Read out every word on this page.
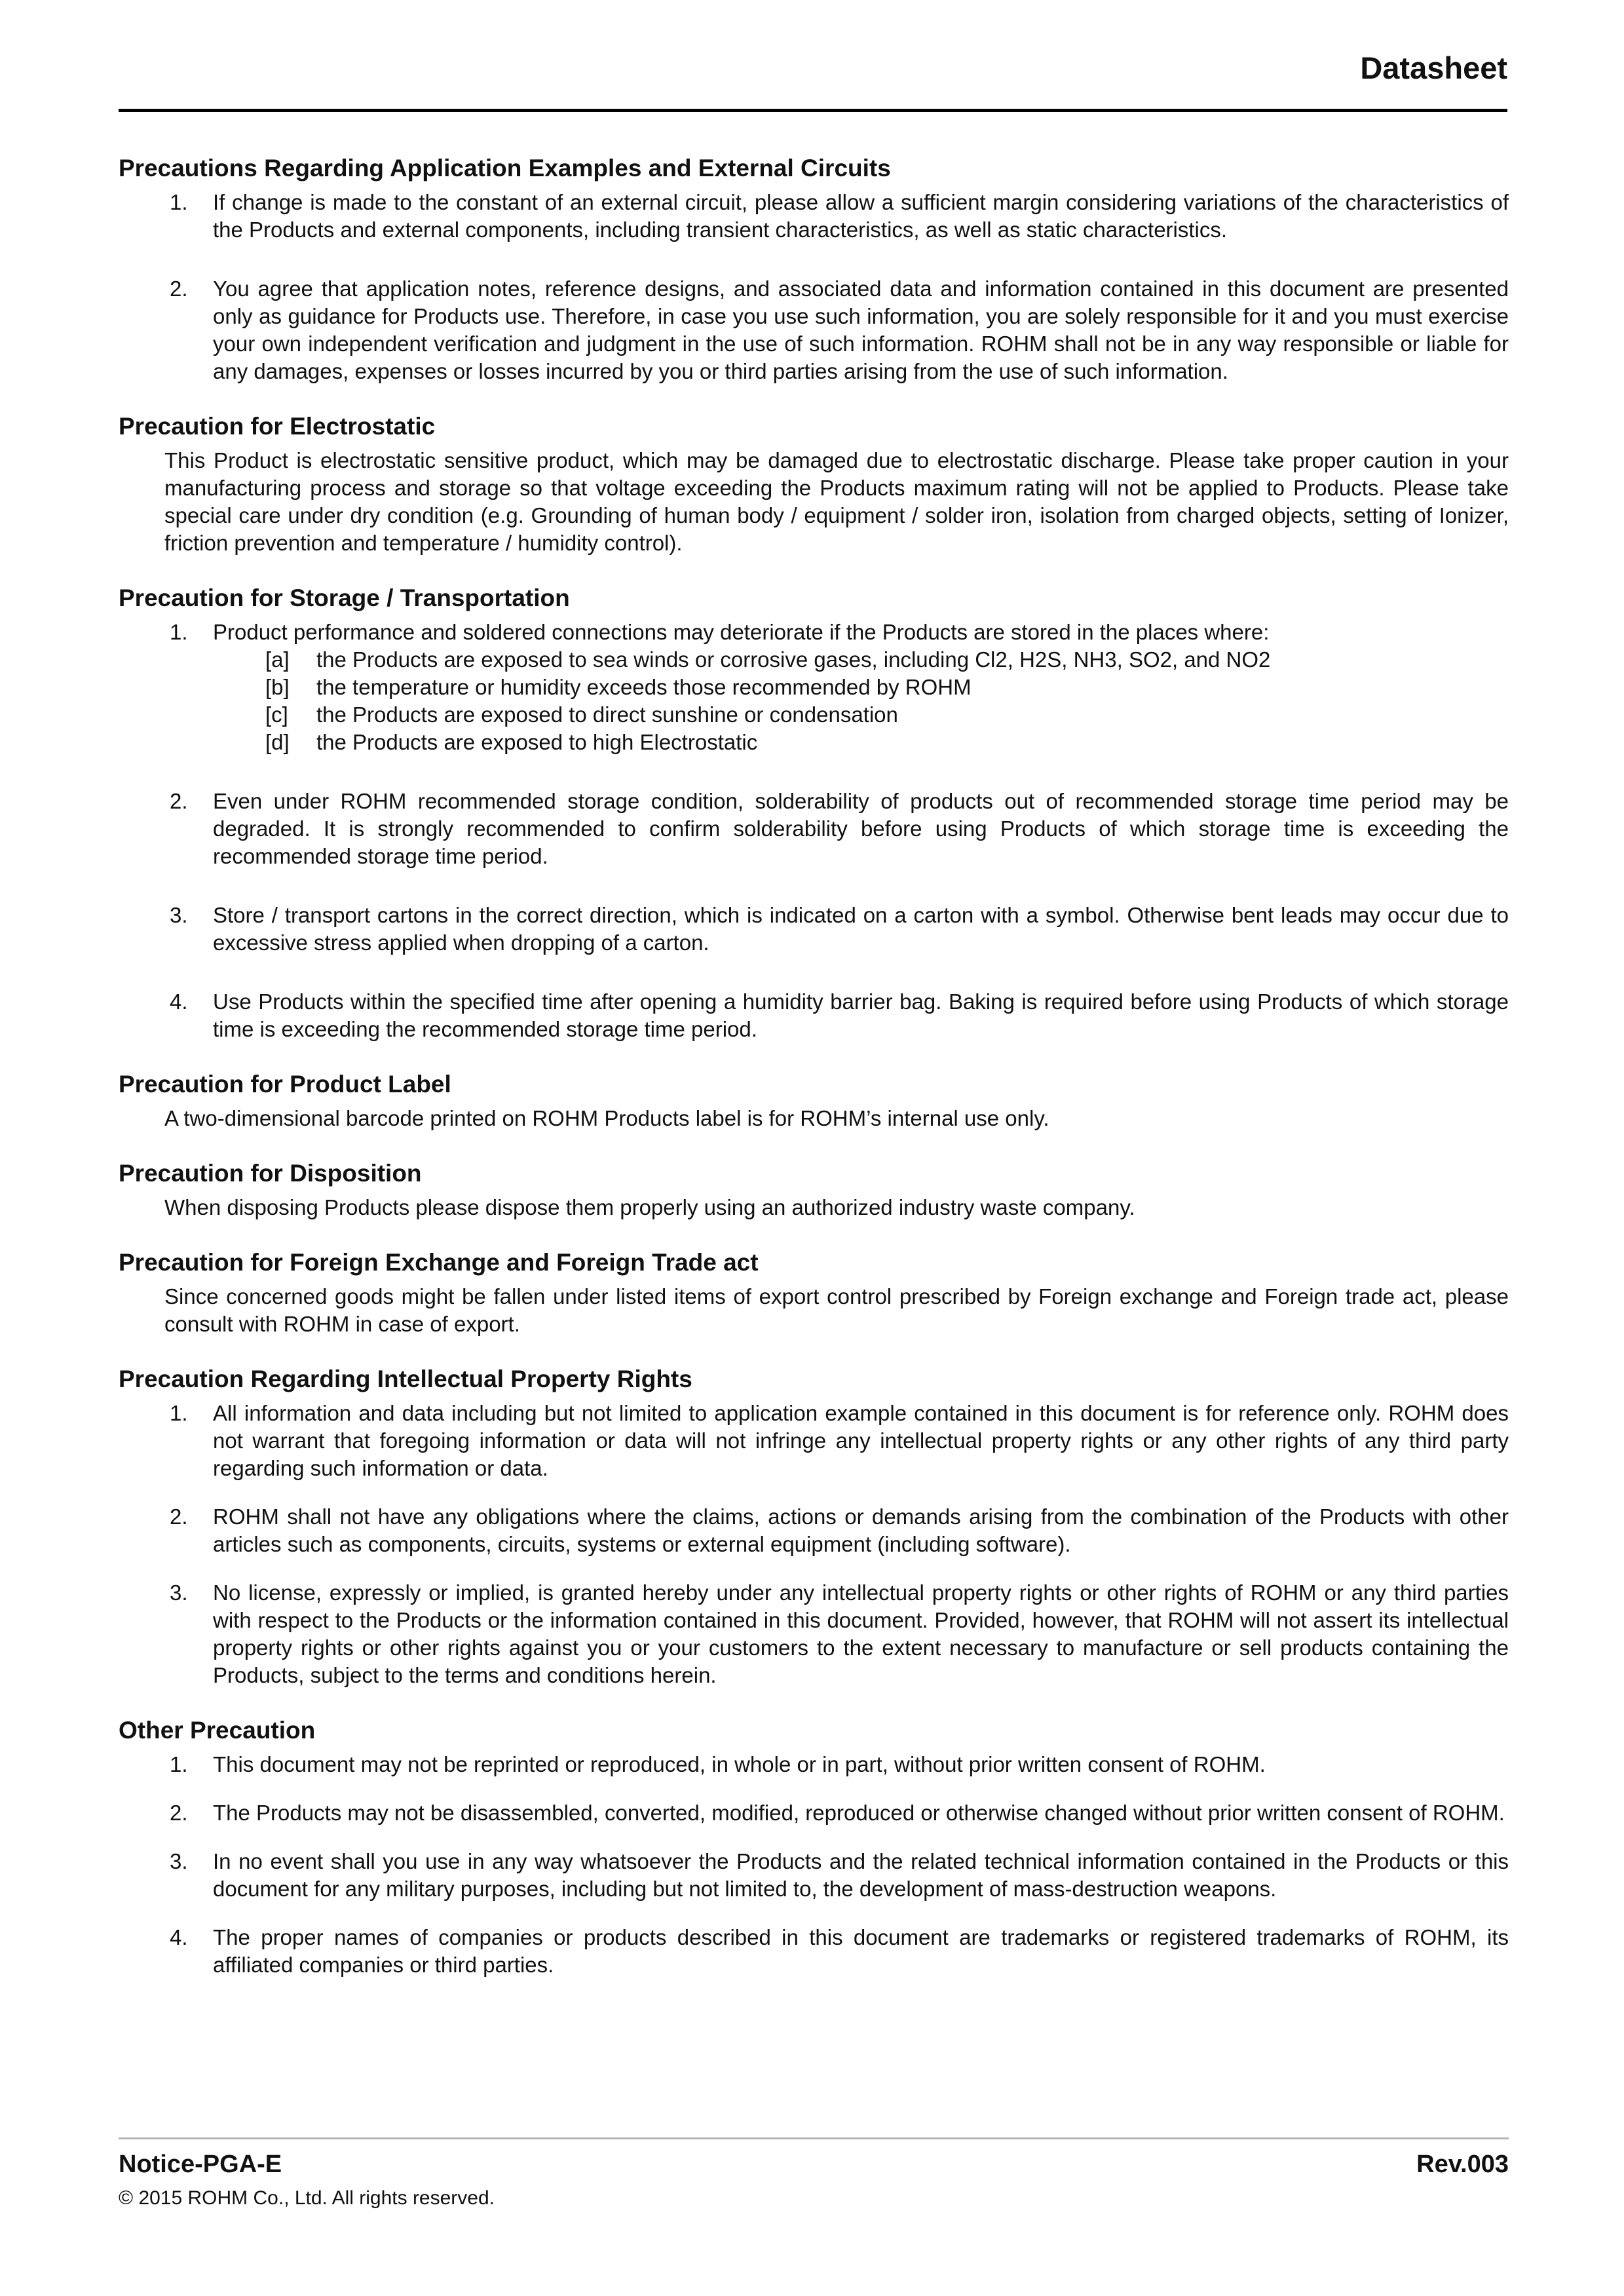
Datasheet
Precautions Regarding Application Examples and External Circuits
1.	If change is made to the constant of an external circuit, please allow a sufficient margin considering variations of the characteristics of the Products and external components, including transient characteristics, as well as static characteristics.
2.	You agree that application notes, reference designs, and associated data and information contained in this document are presented only as guidance for Products use. Therefore, in case you use such information, you are solely responsible for it and you must exercise your own independent verification and judgment in the use of such information. ROHM shall not be in any way responsible or liable for any damages, expenses or losses incurred by you or third parties arising from the use of such information.
Precaution for Electrostatic
This Product is electrostatic sensitive product, which may be damaged due to electrostatic discharge. Please take proper caution in your manufacturing process and storage so that voltage exceeding the Products maximum rating will not be applied to Products. Please take special care under dry condition (e.g. Grounding of human body / equipment / solder iron, isolation from charged objects, setting of Ionizer, friction prevention and temperature / humidity control).
Precaution for Storage / Transportation
1.	Product performance and soldered connections may deteriorate if the Products are stored in the places where:
[a]	the Products are exposed to sea winds or corrosive gases, including Cl2, H2S, NH3, SO2, and NO2
[b]	the temperature or humidity exceeds those recommended by ROHM
[c]	the Products are exposed to direct sunshine or condensation
[d]	the Products are exposed to high Electrostatic
2.	Even under ROHM recommended storage condition, solderability of products out of recommended storage time period may be degraded. It is strongly recommended to confirm solderability before using Products of which storage time is exceeding the recommended storage time period.
3.	Store / transport cartons in the correct direction, which is indicated on a carton with a symbol. Otherwise bent leads may occur due to excessive stress applied when dropping of a carton.
4.	Use Products within the specified time after opening a humidity barrier bag. Baking is required before using Products of which storage time is exceeding the recommended storage time period.
Precaution for Product Label
A two-dimensional barcode printed on ROHM Products label is for ROHM’s internal use only.
Precaution for Disposition
When disposing Products please dispose them properly using an authorized industry waste company.
Precaution for Foreign Exchange and Foreign Trade act
Since concerned goods might be fallen under listed items of export control prescribed by Foreign exchange and Foreign trade act, please consult with ROHM in case of export.
Precaution Regarding Intellectual Property Rights
1.	All information and data including but not limited to application example contained in this document is for reference only. ROHM does not warrant that foregoing information or data will not infringe any intellectual property rights or any other rights of any third party regarding such information or data.
2.	ROHM shall not have any obligations where the claims, actions or demands arising from the combination of the Products with other articles such as components, circuits, systems or external equipment (including software).
3.	No license, expressly or implied, is granted hereby under any intellectual property rights or other rights of ROHM or any third parties with respect to the Products or the information contained in this document. Provided, however, that ROHM will not assert its intellectual property rights or other rights against you or your customers to the extent necessary to manufacture or sell products containing the Products, subject to the terms and conditions herein.
Other Precaution
1.	This document may not be reprinted or reproduced, in whole or in part, without prior written consent of ROHM.
2.	The Products may not be disassembled, converted, modified, reproduced or otherwise changed without prior written consent of ROHM.
3.	In no event shall you use in any way whatsoever the Products and the related technical information contained in the Products or this document for any military purposes, including but not limited to, the development of mass-destruction weapons.
4.	The proper names of companies or products described in this document are trademarks or registered trademarks of ROHM, its affiliated companies or third parties.
Notice-PGA-E	Rev.003
© 2015 ROHM Co., Ltd. All rights reserved.
